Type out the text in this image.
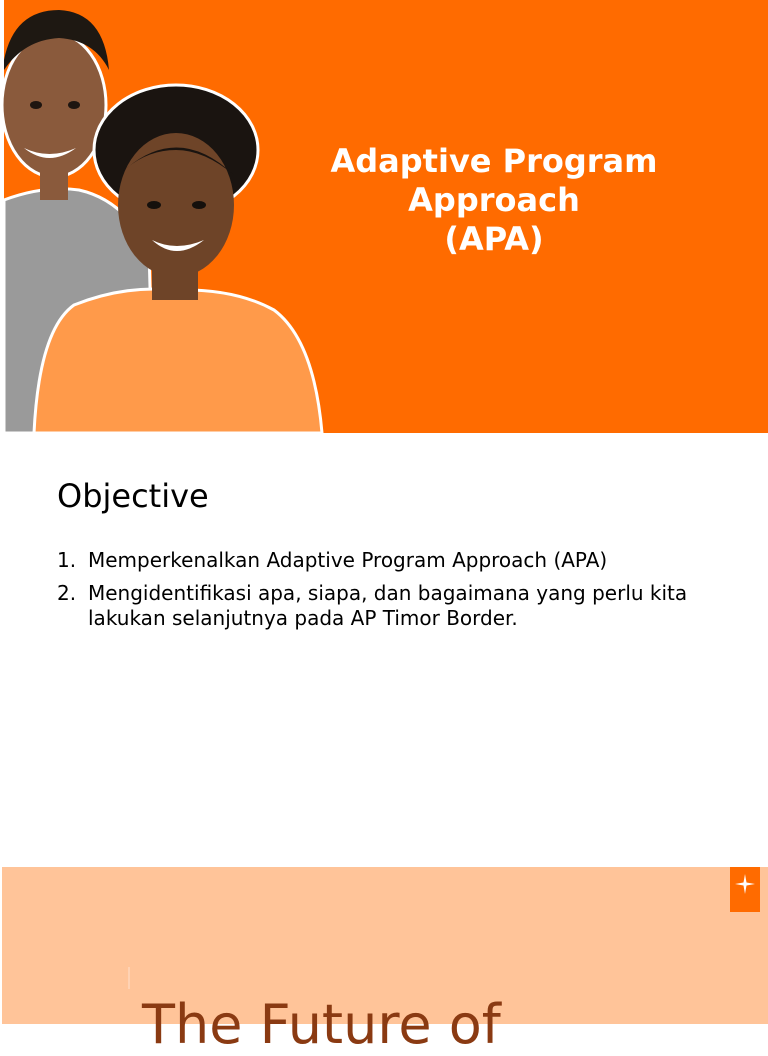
Adaptive Program
Approach
(APA)
Objective
1. Memperkenalkan Adaptive Program Approach (APA)
2. Mengidentifikasi apa, siapa, dan bagaimana yang perlu kita lakukan selanjutnya pada AP Timor Border.
The Future of
